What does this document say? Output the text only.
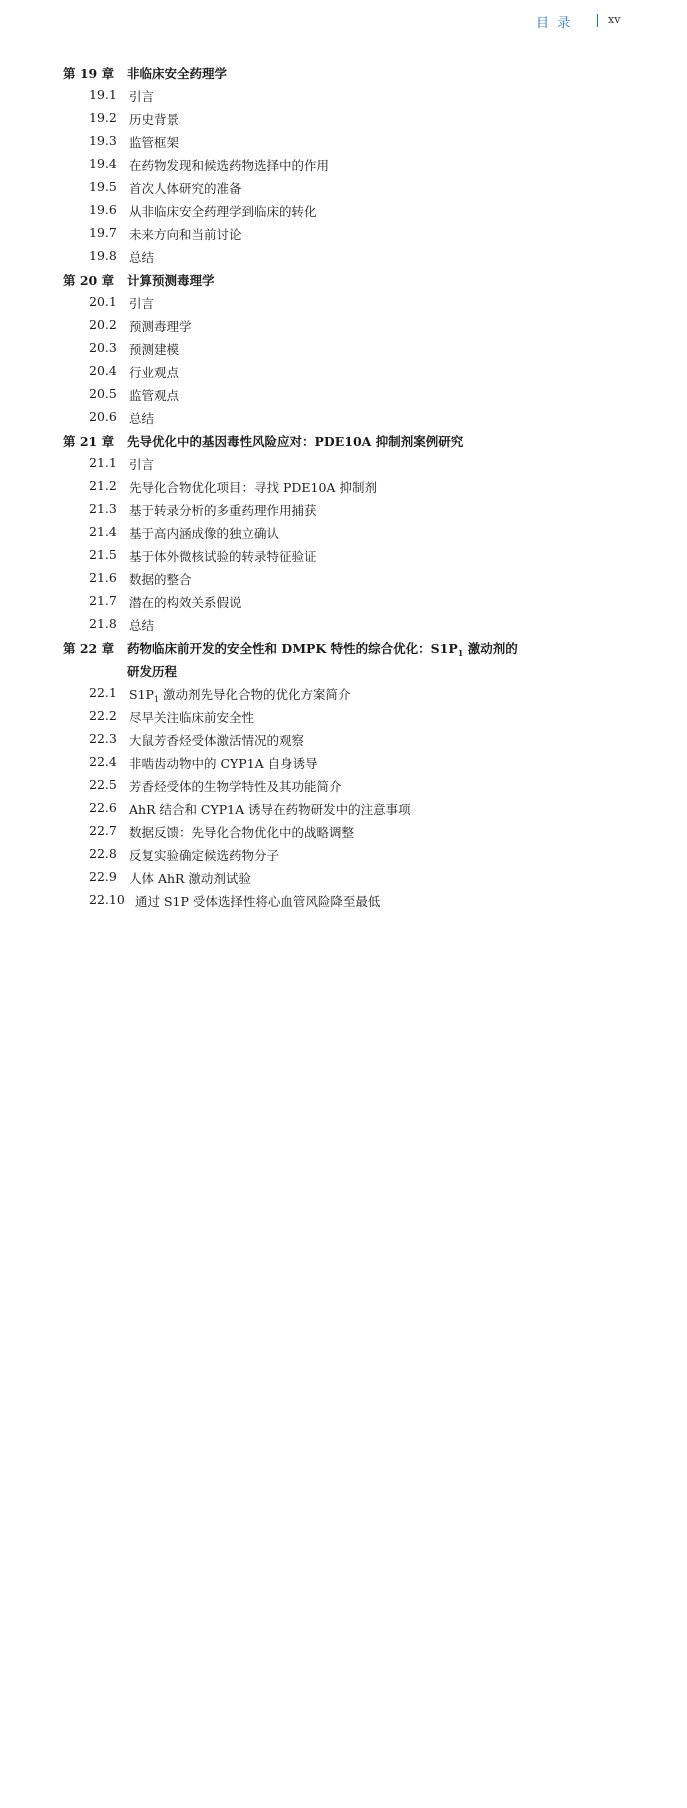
目 录	xv
第 19 章 非临床安全药理学
19.1 引言
19.2 历史背景
19.3 监管框架
19.4 在药物发现和候选药物选择中的作用
19.5 首次人体研究的准备
19.6 从非临床安全药理学到临床的转化
19.7 未来方向和当前讨论
19.8 总结
第 20 章 计算预测毒理学
20.1 引言
20.2 预测毒理学
20.3 预测建模
20.4 行业观点
20.5 监管观点
20.6 总结
第 21 章 先导优化中的基因毒性风险应对：PDE10A 抑制剂案例研究
21.1 引言
21.2 先导化合物优化项目：寻找 PDE10A 抑制剂
21.3 基于转录分析的多重药理作用捕获
21.4 基于高内涵成像的独立确认
21.5 基于体外微核试验的转录特征验证
21.6 数据的整合
21.7 潜在的构效关系假说
21.8 总结
第 22 章 药物临床前开发的安全性和 DMPK 特性的综合优化：$S1P_1$ 激动剂的
研发历程
22.1 $S1P_1$ 激动剂先导化合物的优化方案简介
22.2 尽早关注临床前安全性
22.3 大鼠芳香烃受体激活情况的观察
22.4 非啮齿动物中的 CYP1A 自身诱导
22.5 芳香烃受体的生物学特性及其功能简介
22.6 AhR 结合和 CYP1A 诱导在药物研发中的注意事项
22.7 数据反馈：先导化合物优化中的战略调整
22.8 反复实验确定候选药物分子
22.9 人体 AhR 激动剂试验
22.10 通过 S1P 受体选择性将心血管风险降至最低
